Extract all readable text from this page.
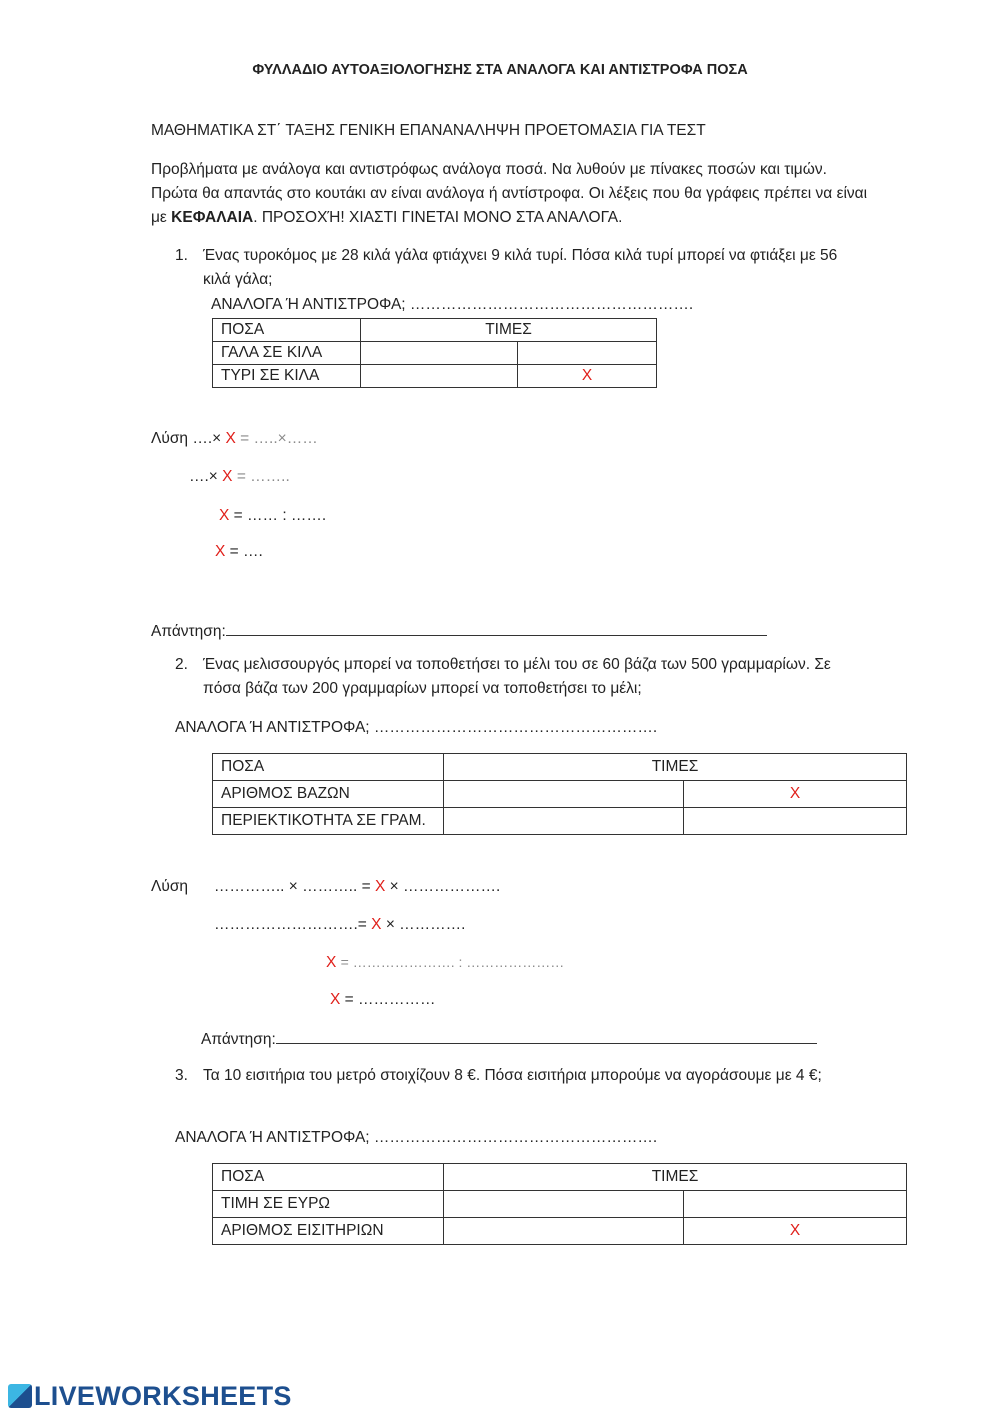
ΦΥΛΛΑΔΙΟ ΑΥΤΟΑΞΙΟΛΟΓΗΣΗΣ ΣΤΑ ΑΝΑΛΟΓΑ ΚΑΙ ΑΝΤΙΣΤΡΟΦΑ ΠΟΣΑ
ΜΑΘΗΜΑΤΙΚΑ ΣΤ΄ ΤΑΞΗΣ ΓΕΝΙΚΗ ΕΠΑΝΑΝΑΛΗΨΗ ΠΡΟΕΤΟΜΑΣΙΑ ΓΙΑ ΤΕΣΤ
Προβλήματα με ανάλογα και αντιστρόφως ανάλογα ποσά. Να λυθούν με πίνακες ποσών και τιμών. Πρώτα θα απαντάς στο κουτάκι αν είναι ανάλογα ή αντίστροφα. Οι λέξεις που θα γράφεις πρέπει να είναι με ΚΕΦΑΛΑΙΑ. ΠΡΟΣΟΧΉ! ΧΙΑΣΤΙ ΓΙΝΕΤΑΙ ΜΟΝΟ ΣΤΑ ΑΝΑΛΟΓΑ.
1. Ένας τυροκόμος με 28 κιλά γάλα φτιάχνει 9 κιλά τυρί. Πόσα κιλά τυρί μπορεί να φτιάξει με 56 κιλά γάλα;
ΑΝΑΛΟΓΑ Ή ΑΝΤΙΣΤΡΟΦΑ; ……………………………………………….
ΠΟΣΑ	ΤΙΜΕΣ	
ΓΑΛΑ ΣΕ ΚΙΛΑ		
ΤΥΡΙ ΣΕ ΚΙΛΑ		Χ
Λύση ….× Χ = …..×……
….× Χ = ……..
Χ = …… : …….
Χ = ….
Απάντηση:
2. Ένας μελισσουργός μπορεί να τοποθετήσει το μέλι του σε 60 βάζα των 500 γραμμαρίων. Σε πόσα βάζα των 200 γραμμαρίων μπορεί να τοποθετήσει το μέλι;
ΑΝΑΛΟΓΑ Ή ΑΝΤΙΣΤΡΟΦΑ; ……………………………………………….
ΠΟΣΑ	ΤΙΜΕΣ	
ΑΡΙΘΜΟΣ ΒΑΖΩΝ		Χ
ΠΕΡΙΕΚΤΙΚΟΤΗΤΑ ΣΕ ΓΡΑΜ.		
Λύση ………….. × ……….. = Χ × ……………….
……………………….= Χ × ………….
Χ = …………………. : …………………
Χ = ……………
Απάντηση:
3. Τα 10 εισιτήρια του μετρό στοιχίζουν 8 €. Πόσα εισιτήρια μπορούμε να αγοράσουμε με 4 €;
ΑΝΑΛΟΓΑ Ή ΑΝΤΙΣΤΡΟΦΑ; ……………………………………………….
ΠΟΣΑ	ΤΙΜΕΣ	
ΤΙΜΗ ΣΕ ΕΥΡΩ		
ΑΡΙΘΜΟΣ ΕΙΣΙΤΗΡΙΩΝ		Χ
LIVEWORKSHEETS
